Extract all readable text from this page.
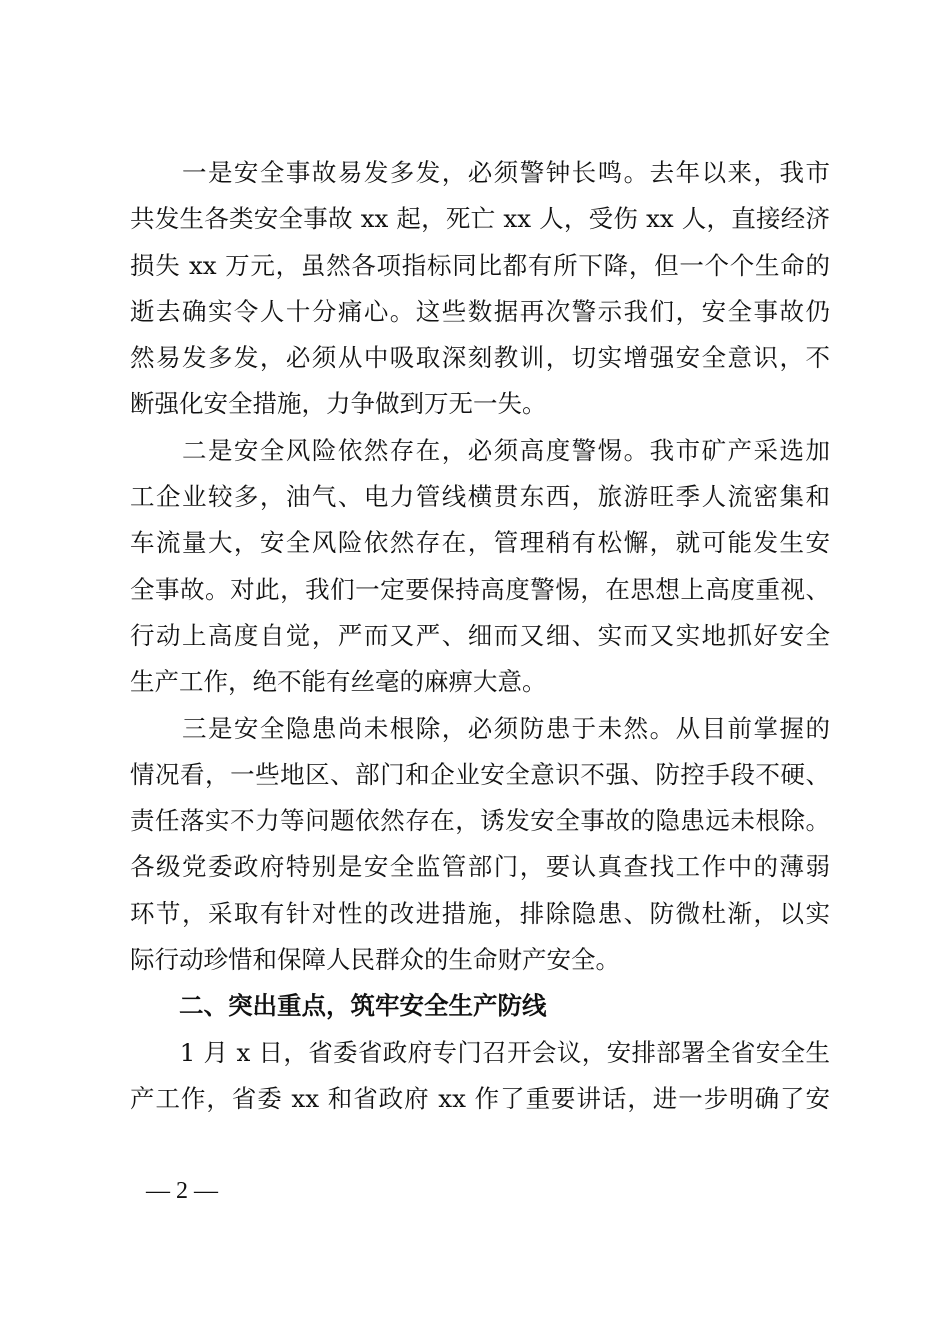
　　一是安全事故易发多发，必须警钟长鸣。去年以来，我市
共发生各类安全事故 xx 起，死亡 xx 人，受伤 xx 人，直接经济
损失 xx 万元，虽然各项指标同比都有所下降，但一个个生命的
逝去确实令人十分痛心。这些数据再次警示我们，安全事故仍
然易发多发，必须从中吸取深刻教训，切实增强安全意识，不
断强化安全措施，力争做到万无一失。
　　二是安全风险依然存在，必须高度警惕。我市矿产采选加
工企业较多，油气、电力管线横贯东西，旅游旺季人流密集和
车流量大，安全风险依然存在，管理稍有松懈，就可能发生安
全事故。对此，我们一定要保持高度警惕，在思想上高度重视、
行动上高度自觉，严而又严、细而又细、实而又实地抓好安全
生产工作，绝不能有丝毫的麻痹大意。
　　三是安全隐患尚未根除，必须防患于未然。从目前掌握的
情况看，一些地区、部门和企业安全意识不强、防控手段不硬、
责任落实不力等问题依然存在，诱发安全事故的隐患远未根除。
各级党委政府特别是安全监管部门，要认真查找工作中的薄弱
环节，采取有针对性的改进措施，排除隐患、防微杜渐，以实
际行动珍惜和保障人民群众的生命财产安全。
　　二、突出重点，筑牢安全生产防线
　　1 月 x 日，省委省政府专门召开会议，安排部署全省安全生
产工作，省委 xx 和省政府 xx 作了重要讲话，进一步明确了安
— 2 —
